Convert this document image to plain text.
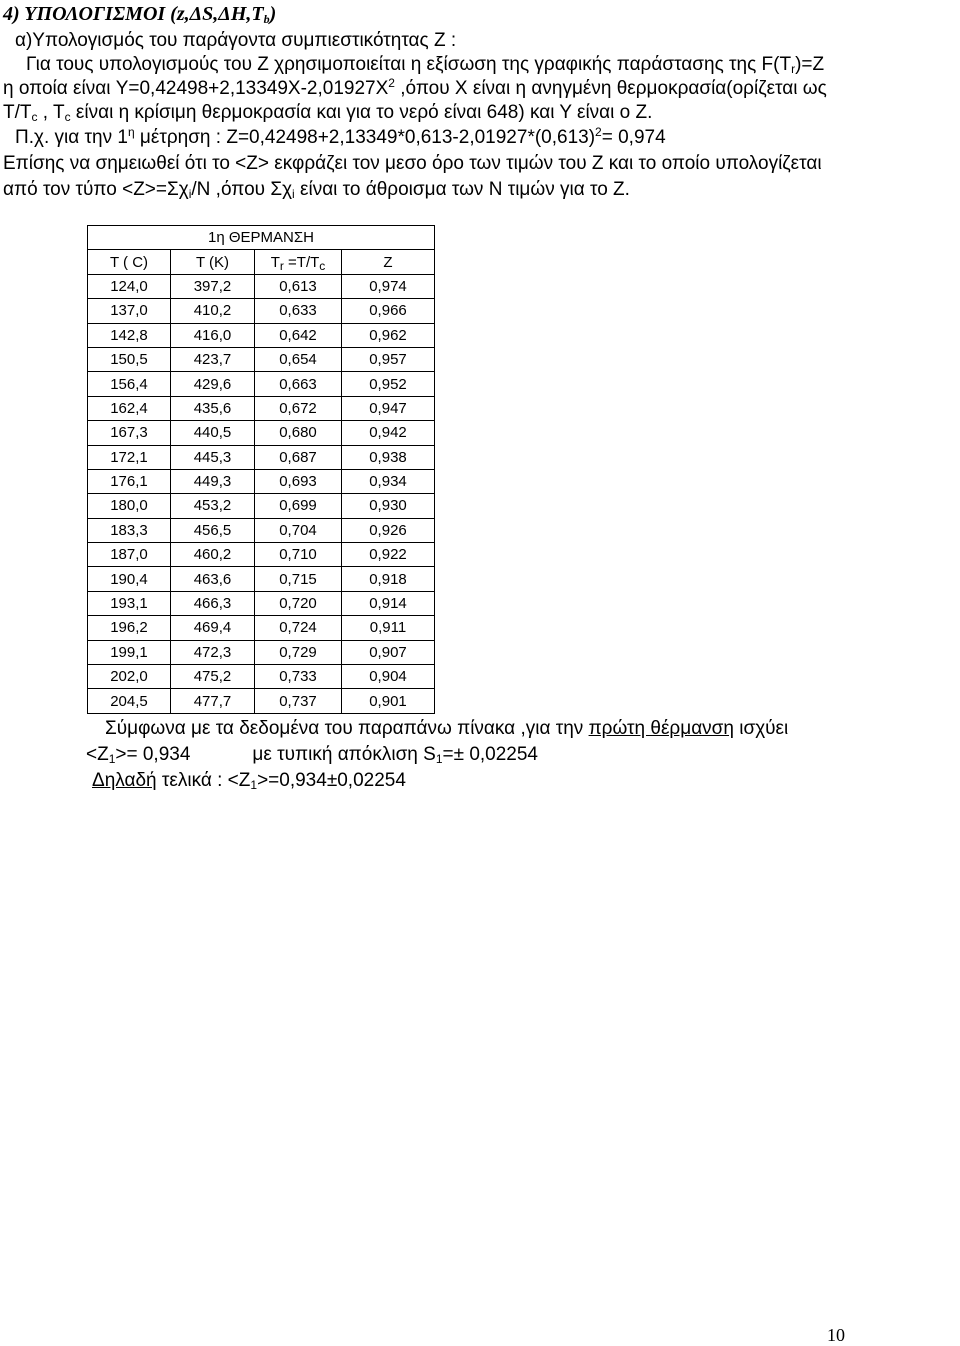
4) ΥΠΟΛΟΓΙΣΜΟΙ $(z,\Delta S,\Delta H,T_b)$
α)Υπολογισμός του παράγοντα συμπιεστικότητας Ζ :
Για τους υπολογισμούς του Ζ χρησιμοποιείται η εξίσωση της γραφικής παράστασης της $F(T_r)=Z$
η οποία είναι $Y=0,42498+2,13349X-2,01927X^2$ ,όπου Χ είναι η ανηγμένη θερμοκρασία(ορίζεται ως
$T/T_c$ , $T_c$ είναι η κρίσιμη θερμοκρασία και για το νερό είναι 648) και Υ είναι ο Ζ.
Π.χ. για την $1^\eta$ μέτρηση : $Z=0,42498+2,13349*0,613-2,01927*(0,613)^2= 0,974$
Επίσης να σημειωθεί ότι το <Ζ> εκφράζει τον μεσο όρο των τιμών του Ζ και το οποίο υπολογίζεται
από τον $\tau ύ\pi o <Z>=\Sigma\chi_i/N$ ,όπου $\Sigma\chi_i$ είναι το άθροισμα των Ν τιμών για το Ζ.
1η ΘΕΡΜΑΝΣΗ			
T ( C)	T (K)	$T_r =T/T_c$	Z
124,0	397,2	0,613	0,974
137,0	410,2	0,633	0,966
142,8	416,0	0,642	0,962
150,5	423,7	0,654	0,957
156,4	429,6	0,663	0,952
162,4	435,6	0,672	0,947
167,3	440,5	0,680	0,942
172,1	445,3	0,687	0,938
176,1	449,3	0,693	0,934
180,0	453,2	0,699	0,930
183,3	456,5	0,704	0,926
187,0	460,2	0,710	0,922
190,4	463,6	0,715	0,918
193,1	466,3	0,720	0,914
196,2	469,4	0,724	0,911
199,1	472,3	0,729	0,907
202,0	475,2	0,733	0,904
204,5	477,7	0,737	0,901
Σύμφωνα με τα δεδομένα του παραπάνω πίνακα ,για την πρώτη θέρμανση ισχύει
$<Z_1>= 0,934$	με τυπική απόκλιση $S_1=\pm 0,02254$
Δηλαδή τελικά : $<Z_1>=0,934\pm 0,02254$
10
